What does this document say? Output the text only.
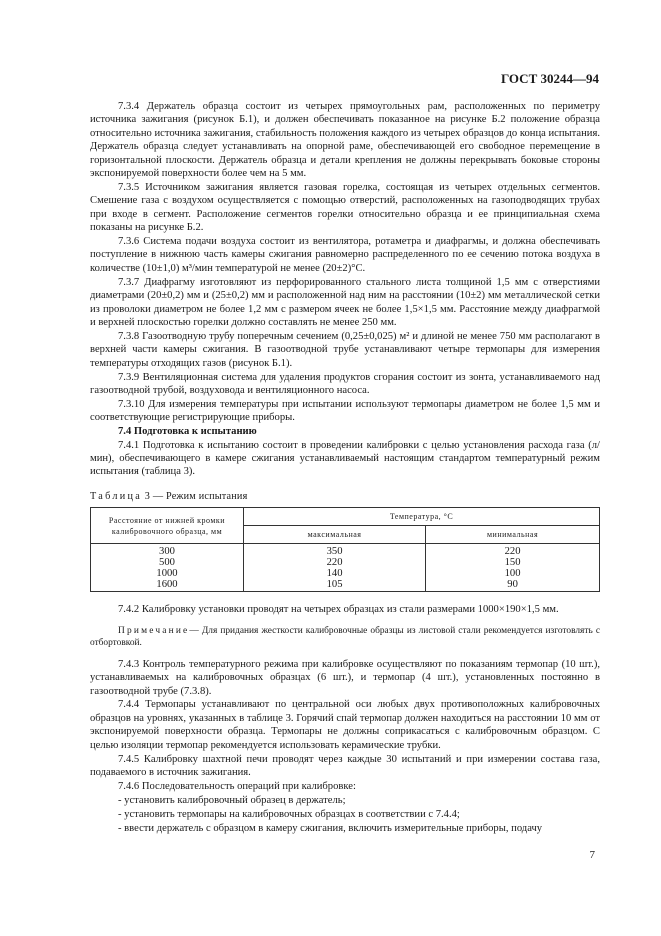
ГОСТ 30244—94

7.3.4 Держатель образца состоит из четырех прямоугольных рам, расположенных по периметру источника зажигания (рисунок Б.1), и должен обеспечивать показанное на рисунке Б.2 положение образца относительно источника зажигания, стабильность положения каждого из четырех образцов до конца испытания. Держатель образца следует устанавливать на опорной раме, обеспечивающей его свободное перемещение в горизонтальной плоскости. Держатель образца и детали крепления не должны перекрывать боковые стороны экспонируемой поверхности более чем на 5 мм.

7.3.5 Источником зажигания является газовая горелка, состоящая из четырех отдельных сегментов. Смешение газа с воздухом осуществляется с помощью отверстий, расположенных на газоподводящих трубах при входе в сегмент. Расположение сегментов горелки относительно образца и ее принципиальная схема показаны на рисунке Б.2.

7.3.6 Система подачи воздуха состоит из вентилятора, ротаметра и диафрагмы, и должна обеспечивать поступление в нижнюю часть камеры сжигания равномерно распределенного по ее сечению потока воздуха в количестве (10±1,0) м³/мин температурой не менее (20±2)°С.

7.3.7 Диафрагму изготовляют из перфорированного стального листа толщиной 1,5 мм с отверстиями диаметрами (20±0,2) мм и (25±0,2) мм и расположенной над ним на расстоянии (10±2) мм металлической сетки из проволоки диаметром не более 1,2 мм с размером ячеек не более 1,5×1,5 мм. Расстояние между диафрагмой и верхней плоскостью горелки должно составлять не менее 250 мм.

7.3.8 Газоотводную трубу поперечным сечением (0,25±0,025) м² и длиной не менее 750 мм располагают в верхней части камеры сжигания. В газоотводной трубе устанавливают четыре термопары для измерения температуры отходящих газов (рисунок Б.1).

7.3.9 Вентиляционная система для удаления продуктов сгорания состоит из зонта, устанавливаемого над газоотводной трубой, воздуховода и вентиляционного насоса.

7.3.10 Для измерения температуры при испытании используют термопары диаметром не более 1,5 мм и соответствующие регистрирующие приборы.

7.4 Подготовка к испытанию

7.4.1 Подготовка к испытанию состоит в проведении калибровки с целью установления расхода газа (л/мин), обеспечивающего в камере сжигания устанавливаемый настоящим стандартом температурный режим испытания (таблица 3).

Таблица 3 — Режим испытания
Расстояние от нижней кромки калибровочного образца, мм	Температура, °С	
	максимальная	минимальная
300	350	220
500	220	150
1000	140	100
1600	105	90

7.4.2 Калибровку установки проводят на четырех образцах из стали размерами 1000×190×1,5 мм.

Примечание— Для придания жесткости калибровочные образцы из листовой стали рекомендуется изготовлять с отбортовкой.

7.4.3 Контроль температурного режима при калибровке осуществляют по показаниям термопар (10 шт.), устанавливаемых на калибровочных образцах (6 шт.), и термопар (4 шт.), установленных постоянно в газоотводной трубе (7.3.8).

7.4.4 Термопары устанавливают по центральной оси любых двух противоположных калибровочных образцов на уровнях, указанных в таблице 3. Горячий спай термопар должен находиться на расстоянии 10 мм от экспонируемой поверхности образца. Термопары не должны соприкасаться с калибровочным образцом. С целью изоляции термопар рекомендуется использовать керамические трубки.

7.4.5 Калибровку шахтной печи проводят через каждые 30 испытаний и при измерении состава газа, подаваемого в источник зажигания.

7.4.6 Последовательность операций при калибровке:

- установить калибровочный образец в держатель;

- установить термопары на калибровочных образцах в соответствии с 7.4.4;

- ввести держатель с образцом в камеру сжигания, включить измерительные приборы, подачу

7
